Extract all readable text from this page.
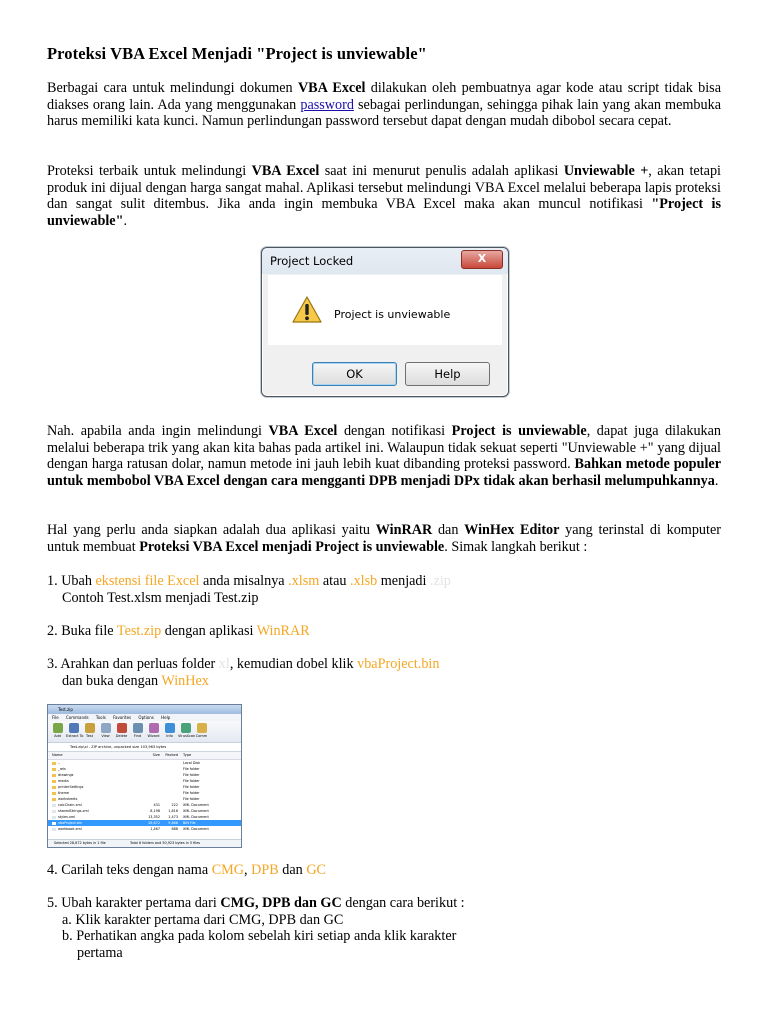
Proteksi VBA Excel Menjadi "Project is unviewable"

Berbagai cara untuk melindungi dokumen VBA Excel dilakukan oleh pembuatnya agar kode atau script tidak bisa diakses orang lain. Ada yang menggunakan password sebagai perlindungan, sehingga pihak lain yang akan membuka harus memiliki kata kunci. Namun perlindungan password tersebut dapat dengan mudah dibobol secara cepat.

Proteksi terbaik untuk melindungi VBA Excel saat ini menurut penulis adalah aplikasi Unviewable +, akan tetapi produk ini dijual dengan harga sangat mahal. Aplikasi tersebut melindungi VBA Excel melalui beberapa lapis proteksi dan sangat sulit ditembus. Jika anda ingin membuka VBA Excel maka akan muncul notifikasi "Project is unviewable".

Project Locked	X
Project is unviewable
OK	Help

Nah. apabila anda ingin melindungi VBA Excel dengan notifikasi Project is unviewable, dapat juga dilakukan melalui beberapa trik yang akan kita bahas pada artikel ini. Walaupun tidak sekuat seperti "Unviewable +" yang dijual dengan harga ratusan dolar, namun metode ini jauh lebih kuat dibanding proteksi password. Bahkan metode populer untuk membobol VBA Excel dengan cara mengganti DPB menjadi DPx tidak akan berhasil melumpuhkannya.

Hal yang perlu anda siapkan adalah dua aplikasi yaitu WinRAR dan WinHex Editor yang terinstal di komputer untuk membuat Proteksi VBA Excel menjadi Project is unviewable. Simak langkah berikut :

1. Ubah ekstensi file Excel anda misalnya .xlsm atau .xlsb menjadi .zip
Contoh Test.xlsm menjadi Test.zip
2. Buka file Test.zip dengan aplikasi WinRAR
3. Arahkan dan perluas folder xl, kemudian dobel klik vbaProject.bin
dan buka dengan WinHex
Test.zip
File Commands Tools Favorites Options Help
Add	Extract To Test	View	Delete	Find	Wizard	Info	VirusScan Comm
Test.zip\xl - ZIP archive, unpacked size 103,963 bytes
Name	Size	Packed	Type
..	Local Disk
_rels	File folder
drawings	File folder
media	File folder
printerSettings	File folder
theme	File folder
worksheets	File folder
calcChain.xml	431	222	XML Document
sharedStrings.xml	8,198	1,816	XML Document
styles.xml	13,352	1,473	XML Document
vbaProject.bin	28,672	9,868	BIN File
workbook.xml	1,467	688	XML Document
Selected 28,672 bytes in 1 file	Total 6 folders and 50,923 bytes in 5 files
4. Carilah teks dengan nama CMG, DPB dan GC
5. Ubah karakter pertama dari CMG, DPB dan GC dengan cara berikut :
a. Klik karakter pertama dari CMG, DPB dan GC
b. Perhatikan angka pada kolom sebelah kiri setiap anda klik karakter
pertama
